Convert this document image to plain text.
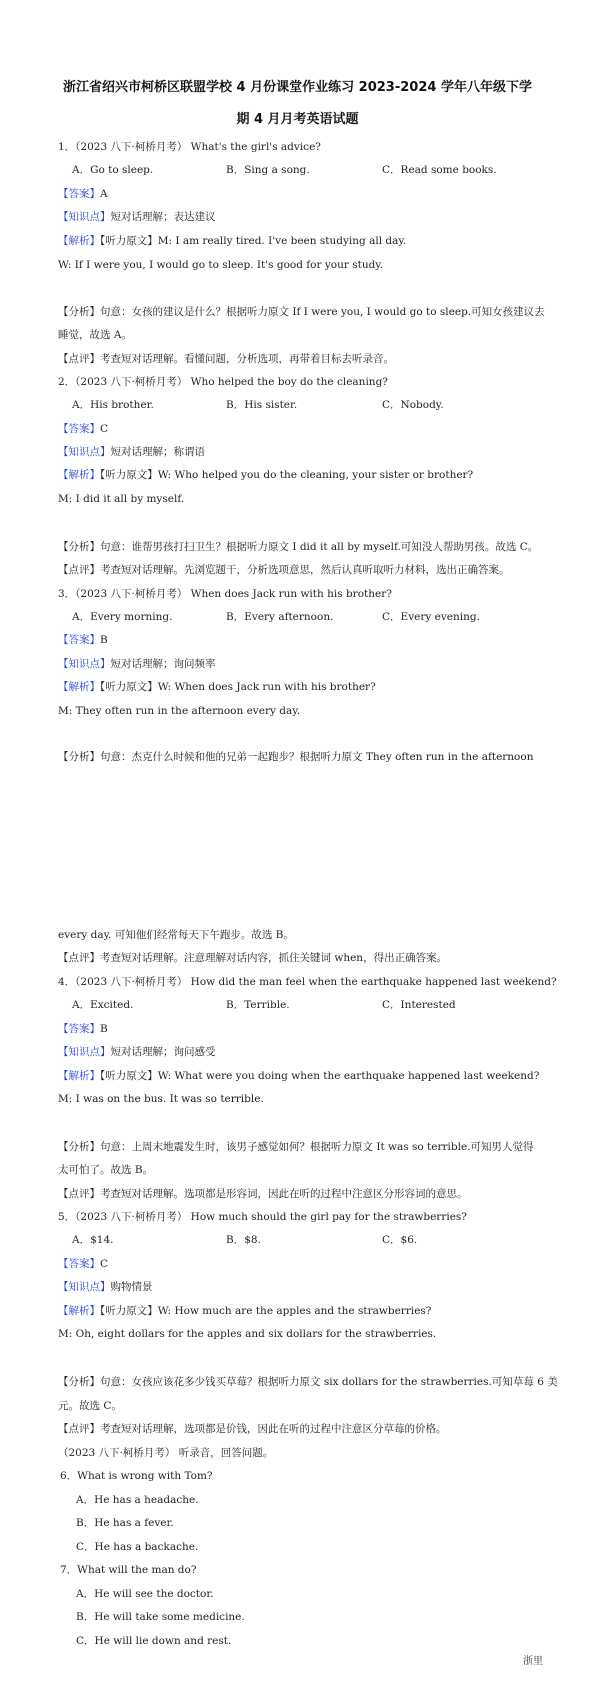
浙江省绍兴市柯桥区联盟学校 4 月份课堂作业练习 2023-2024 学年八年级下学
期 4 月月考英语试题
1．（2023 八下·柯桥月考） What's the girl's advice?
A．Go to sleep.	B．Sing a song.	C．Read some books.
【答案】A
【知识点】短对话理解；表达建议
【解析】【听力原文】M: I am really tired. I've been studying all day.
W: If I were you, I would go to sleep. It's good for your study.
【分析】句意：女孩的建议是什么？根据听力原文 If I were you, I would go to sleep.可知女孩建议去
睡觉，故选 A。
【点评】考查短对话理解。看懂问题，分析选项，再带着目标去听录音。
2．（2023 八下·柯桥月考） Who helped the boy do the cleaning?
A．His brother.	B．His sister.	C．Nobody.
【答案】C
【知识点】短对话理解；称谓语
【解析】【听力原文】W: Who helped you do the cleaning, your sister or brother?
M: I did it all by myself.
【分析】句意：谁帮男孩打扫卫生？根据听力原文 I did it all by myself.可知没人帮助男孩。故选 C。
【点评】考查短对话理解。先浏览题干，分析选项意思，然后认真听取听力材料，选出正确答案。
3．（2023 八下·柯桥月考） When does Jack run with his brother?
A．Every morning.	B．Every afternoon.	C．Every evening.
【答案】B
【知识点】短对话理解；询问频率
【解析】【听力原文】W: When does Jack run with his brother?
M: They often run in the afternoon every day.
【分析】句意：杰克什么时候和他的兄弟一起跑步？根据听力原文 They often run in the afternoon
every day. 可知他们经常每天下午跑步。故选 B。
【点评】考查短对话理解。注意理解对话内容，抓住关键词 when，得出正确答案。
4．（2023 八下·柯桥月考） How did the man feel when the earthquake happened last weekend?
A．Excited.	B．Terrible.	C．Interested
【答案】B
【知识点】短对话理解；询问感受
【解析】【听力原文】W: What were you doing when the earthquake happened last weekend?
M: I was on the bus. It was so terrible.
【分析】句意：上周末地震发生时，该男子感觉如何？根据听力原文 It was so terrible.可知男人觉得
太可怕了。故选 B。
【点评】考查短对话理解。选项都是形容词，因此在听的过程中注意区分形容词的意思。
5．（2023 八下·柯桥月考） How much should the girl pay for the strawberries?
A．$14.	B．$8.	C．$6.
【答案】C
【知识点】购物情景
【解析】【听力原文】W: How much are the apples and the strawberries?
M: Oh, eight dollars for the apples and six dollars for the strawberries.
【分析】句意：女孩应该花多少钱买草莓？根据听力原文 six dollars for the strawberries.可知草莓 6 美
元。故选 C。
【点评】考查短对话理解，选项都是价钱，因此在听的过程中注意区分草莓的价格。
（2023 八下·柯桥月考） 听录音，回答问题。
6．What is wrong with Tom?
A．He has a headache.
B．He has a fever.
C．He has a backache.
7．What will the man do?
A．He will see the doctor.
B．He will take some medicine.
C．He will lie down and rest.
浙里
